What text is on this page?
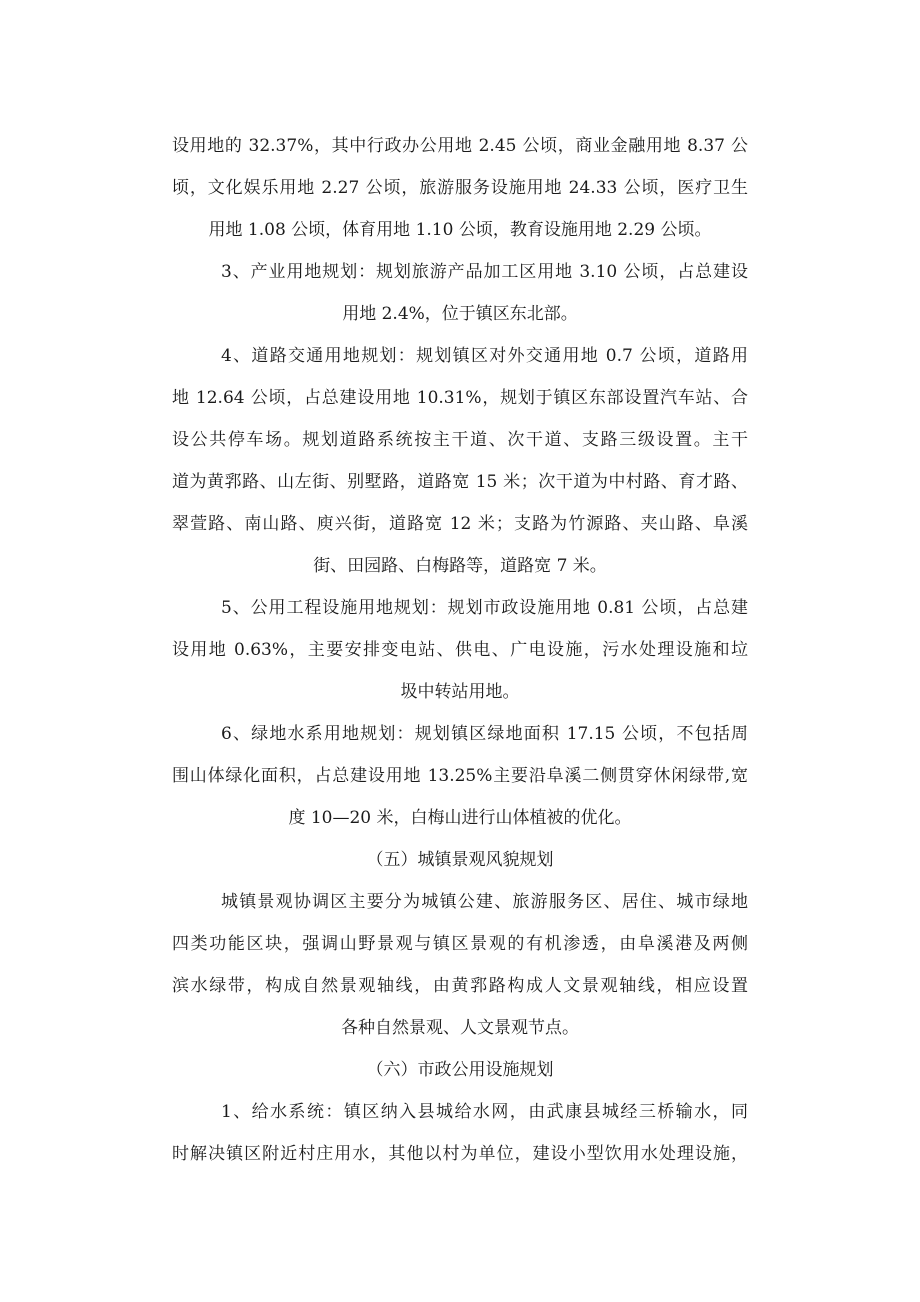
设用地的 32.37%，其中行政办公用地 2.45 公顷，商业金融用地 8.37 公
顷，文化娱乐用地 2.27 公顷，旅游服务设施用地 24.33 公顷，医疗卫生
用地 1.08 公顷，体育用地 1.10 公顷，教育设施用地 2.29 公顷。
3、产业用地规划：规划旅游产品加工区用地 3.10 公顷，占总建设
用地 2.4%，位于镇区东北部。
4、道路交通用地规划：规划镇区对外交通用地 0.7 公顷，道路用
地 12.64 公顷，占总建设用地 10.31%，规划于镇区东部设置汽车站、合
设公共停车场。规划道路系统按主干道、次干道、支路三级设置。主干
道为黄郛路、山左街、别墅路，道路宽 15 米；次干道为中村路、育才路、
翠萱路、南山路、庾兴街，道路宽 12 米；支路为竹源路、夹山路、阜溪
街、田园路、白梅路等，道路宽 7 米。
5、公用工程设施用地规划：规划市政设施用地 0.81 公顷，占总建
设用地 0.63%，主要安排变电站、供电、广电设施，污水处理设施和垃
圾中转站用地。
6、绿地水系用地规划：规划镇区绿地面积 17.15 公顷，不包括周
围山体绿化面积，占总建设用地 13.25%主要沿阜溪二侧贯穿休闲绿带,宽
度 10—20 米，白梅山进行山体植被的优化。
（五）城镇景观风貌规划
城镇景观协调区主要分为城镇公建、旅游服务区、居住、城市绿地
四类功能区块，强调山野景观与镇区景观的有机渗透，由阜溪港及两侧
滨水绿带，构成自然景观轴线，由黄郛路构成人文景观轴线，相应设置
各种自然景观、人文景观节点。
（六）市政公用设施规划
1、给水系统：镇区纳入县城给水网，由武康县城经三桥输水，同
时解决镇区附近村庄用水，其他以村为单位，建设小型饮用水处理设施，
